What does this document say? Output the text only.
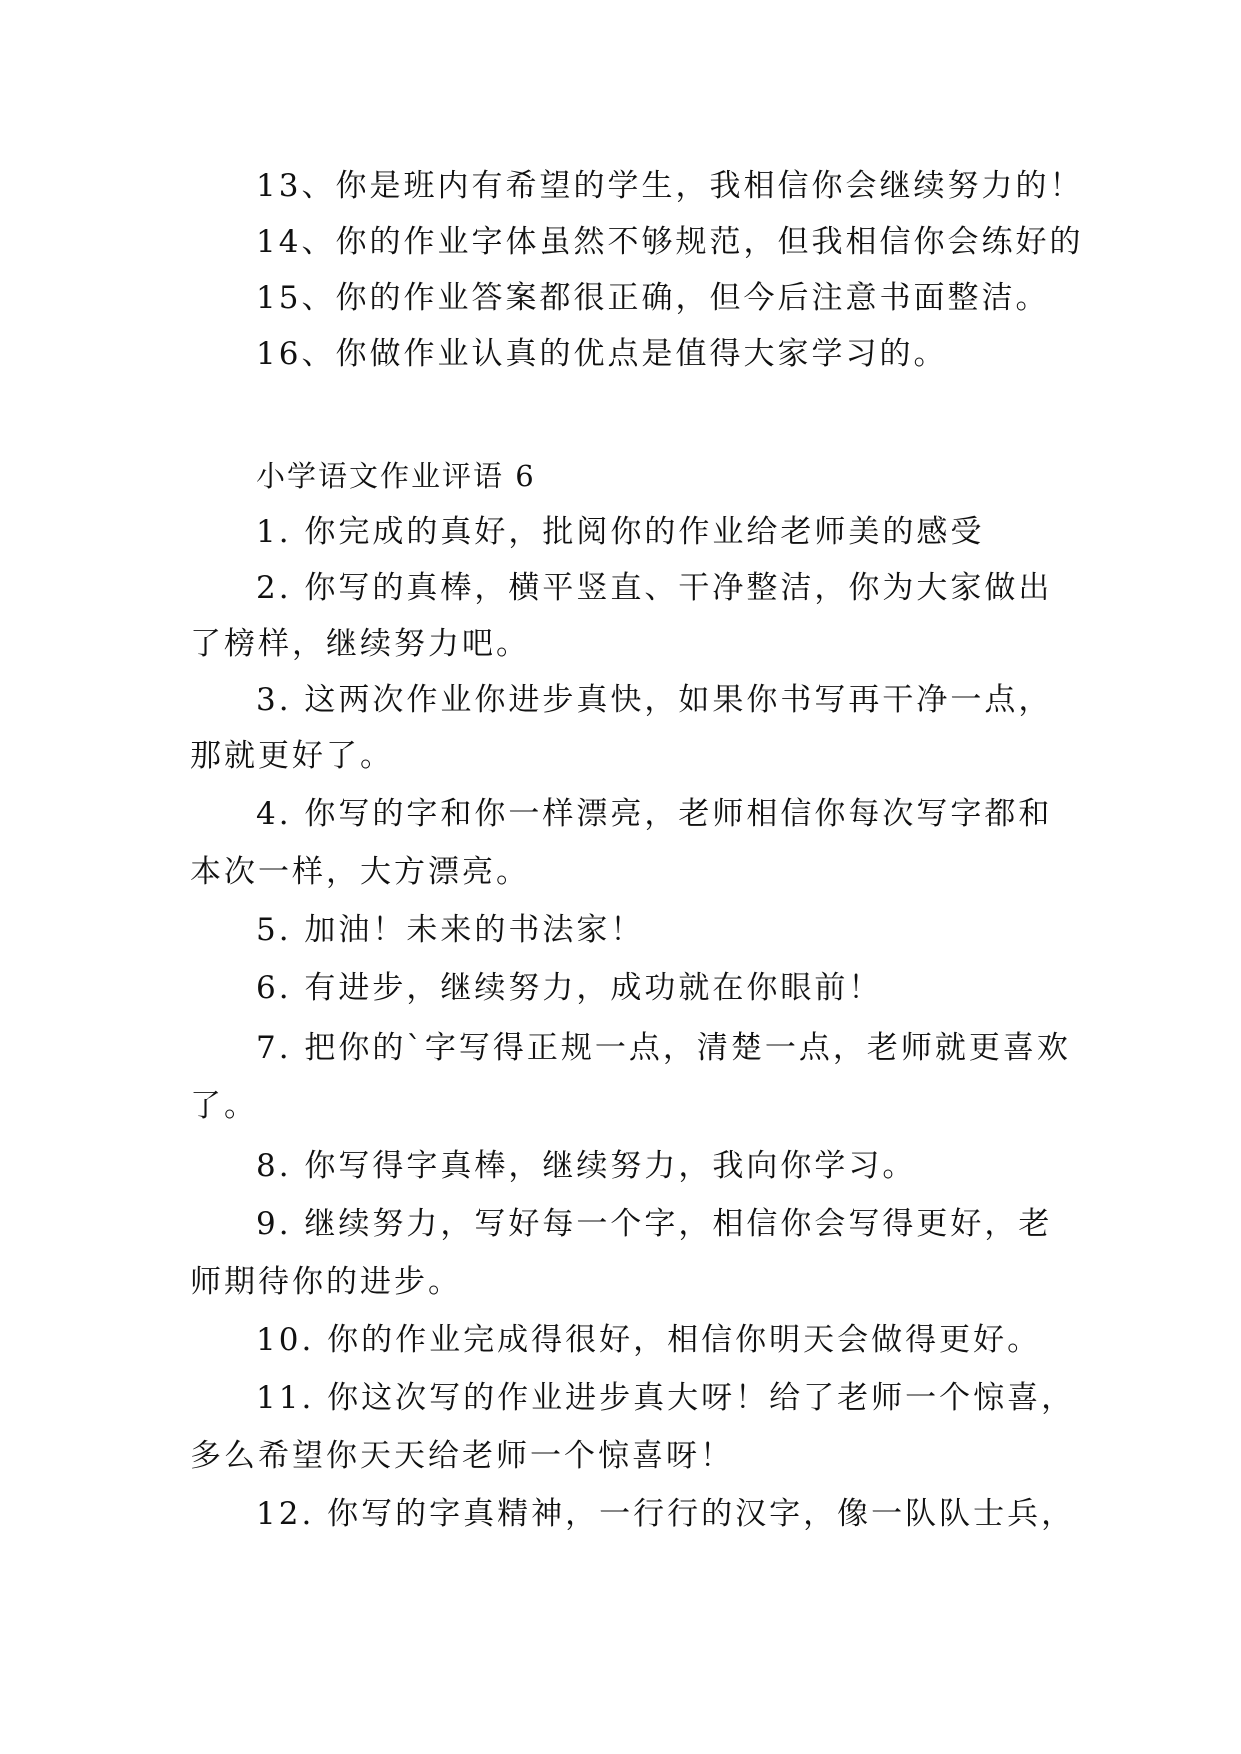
13、你是班内有希望的学生，我相信你会继续努力的！
14、你的作业字体虽然不够规范，但我相信你会练好的
15、你的作业答案都很正确，但今后注意书面整洁。
16、你做作业认真的优点是值得大家学习的。
小学语文作业评语 6
1. 你完成的真好，批阅你的作业给老师美的感受
2. 你写的真棒，横平竖直、干净整洁，你为大家做出
了榜样，继续努力吧。
3. 这两次作业你进步真快，如果你书写再干净一点，
那就更好了。
4. 你写的字和你一样漂亮，老师相信你每次写字都和
本次一样，大方漂亮。
5. 加油！未来的书法家！
6. 有进步，继续努力，成功就在你眼前！
7. 把你的`字写得正规一点，清楚一点，老师就更喜欢
了。
8. 你写得字真棒，继续努力，我向你学习。
9. 继续努力，写好每一个字，相信你会写得更好，老
师期待你的进步。
10. 你的作业完成得很好，相信你明天会做得更好。
11. 你这次写的作业进步真大呀！给了老师一个惊喜，
多么希望你天天给老师一个惊喜呀！
12. 你写的字真精神，一行行的汉字，像一队队士兵，
